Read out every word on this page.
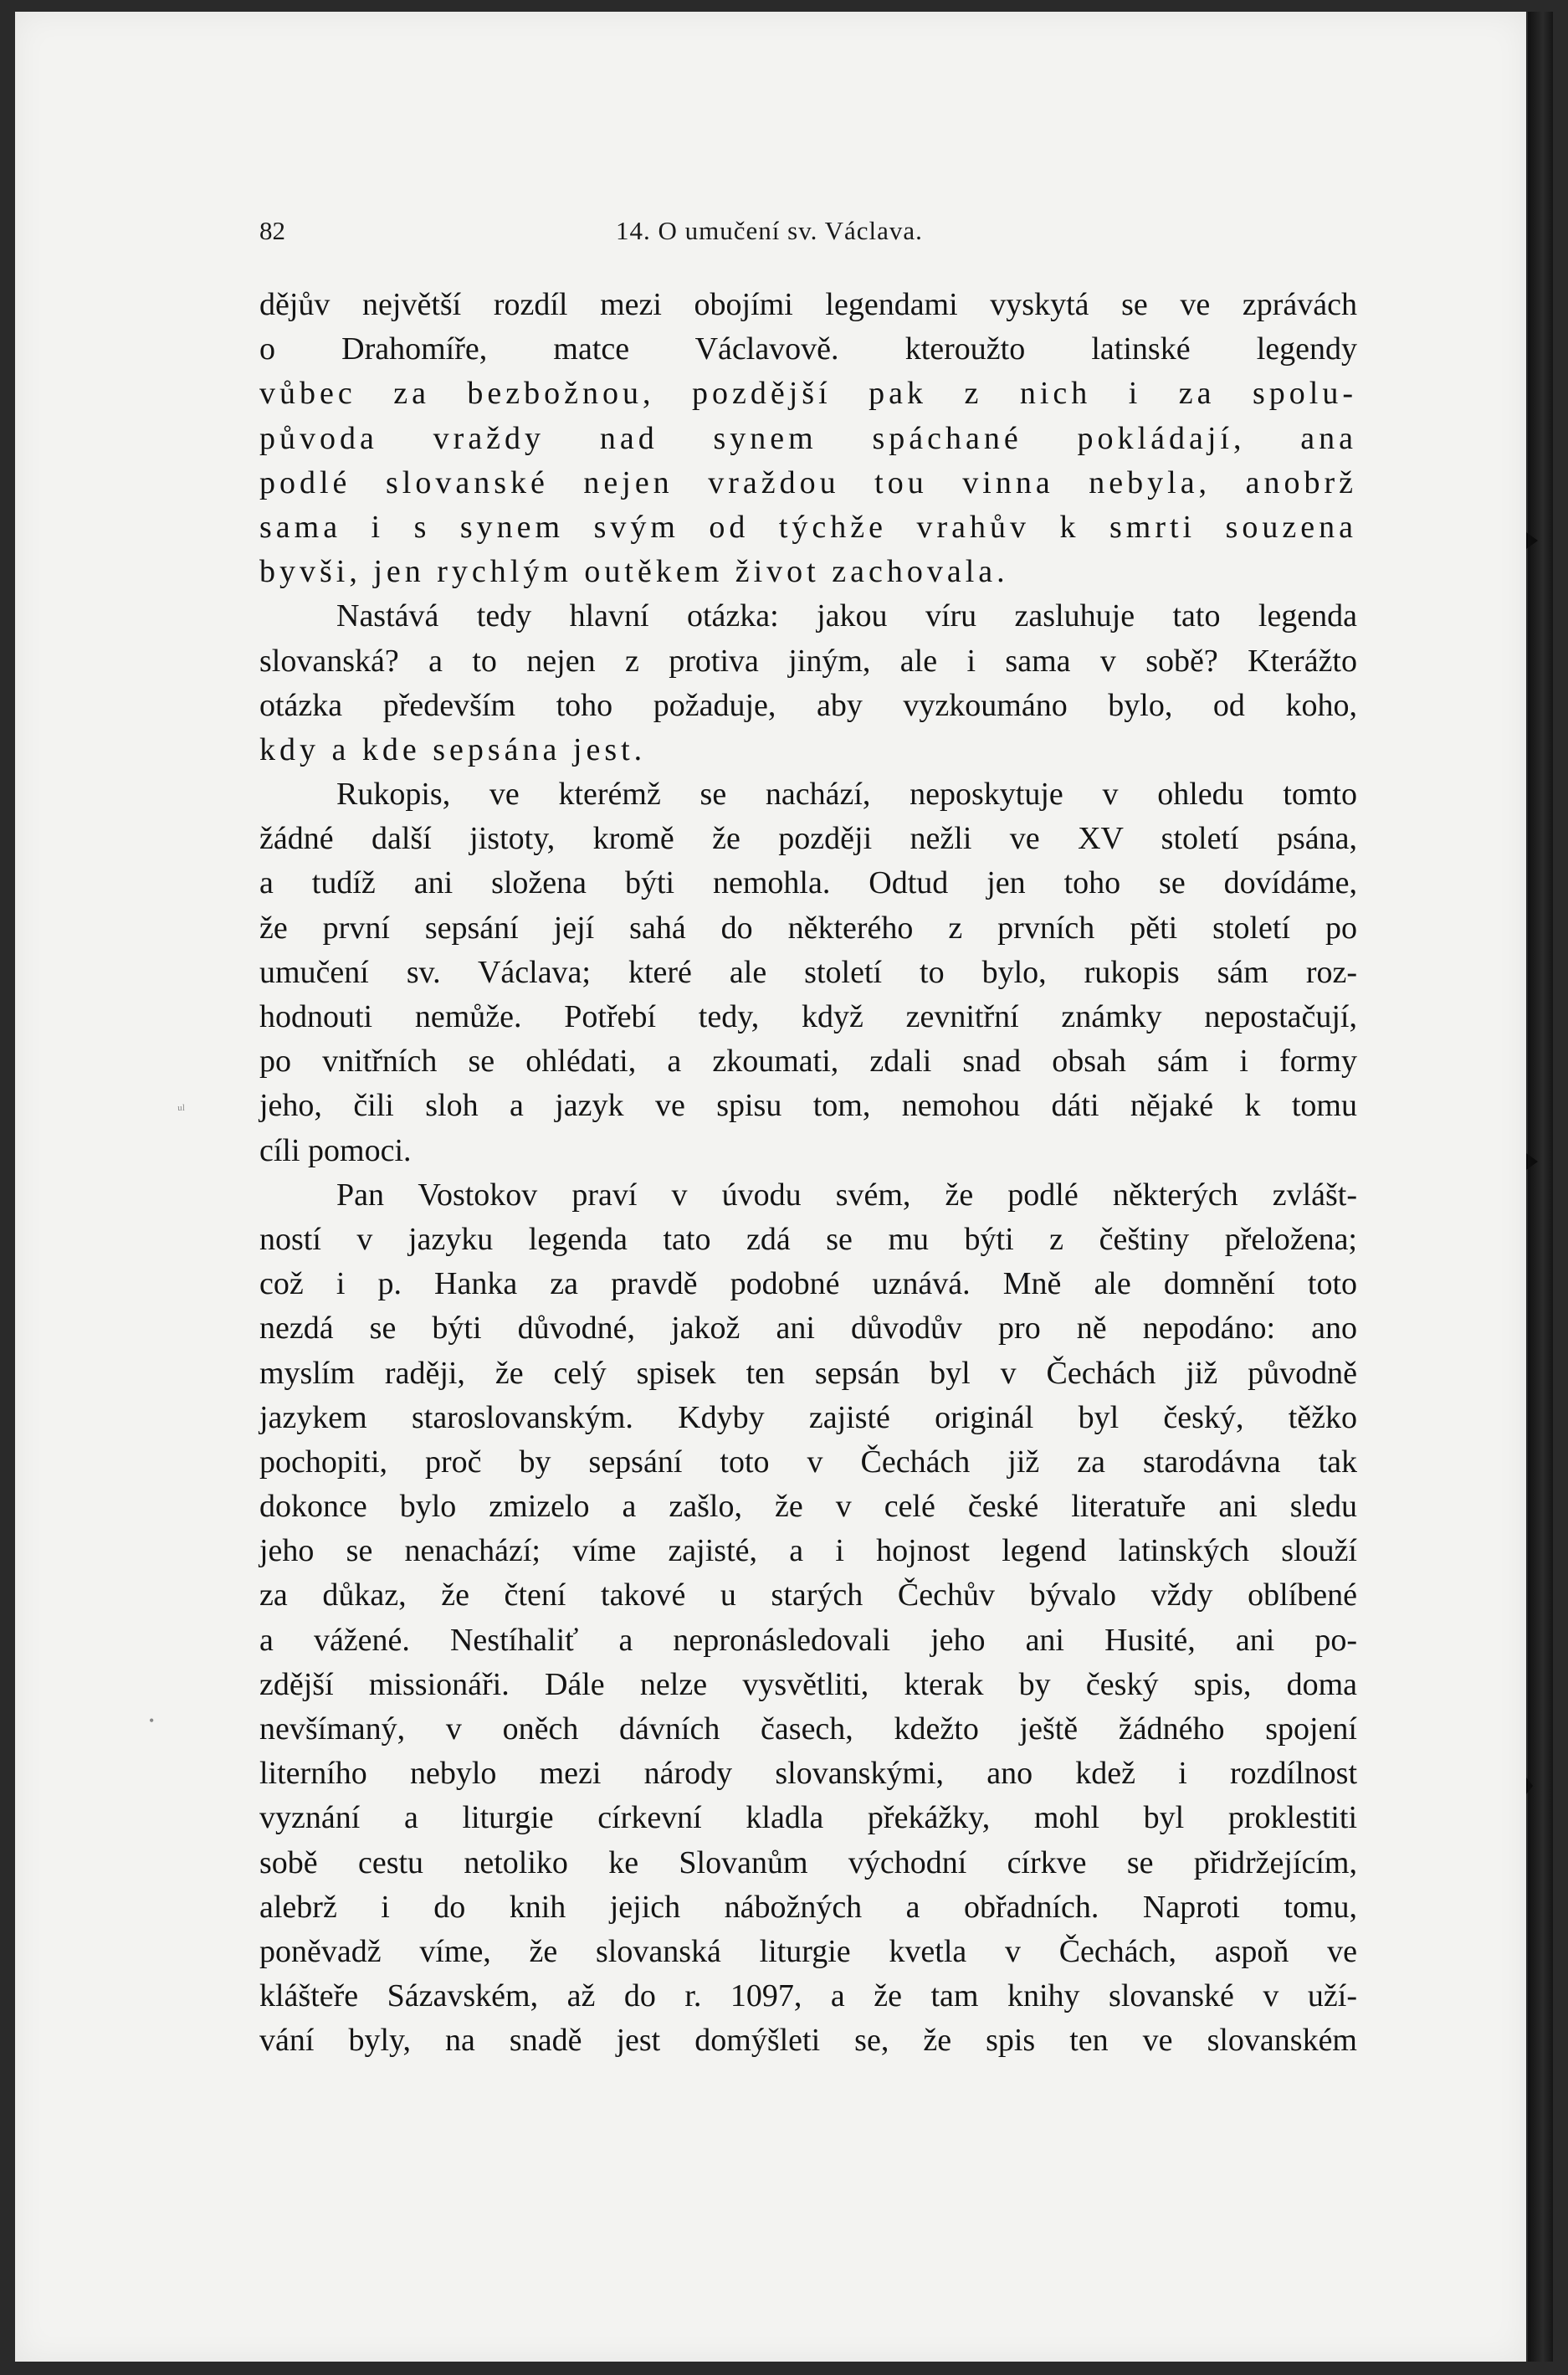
ᵘˡ
•
82	14. O umučení sv. Václava.
dějův největší rozdíl mezi obojími legendami vyskytá se ve zprávách
o Drahomíře, matce Václavově. kteroužto latinské legendy
vůbec za bezbožnou, pozdější pak z nich i za spolu-
původa vraždy nad synem spáchané pokládají, ana
podlé slovanské nejen vraždou tou vinna nebyla, anobrž
sama i s synem svým od týchže vrahův k smrti souzena
byvši, jen rychlým outěkem život zachovala.
Nastává tedy hlavní otázka: jakou víru zasluhuje tato legenda
slovanská? a to nejen z protiva jiným, ale i sama v sobě? Kterážto
otázka především toho požaduje, aby vyzkoumáno bylo, od koho,
kdy a kde sepsána jest.
Rukopis, ve kterémž se nachází, neposkytuje v ohledu tomto
žádné další jistoty, kromě že později nežli ve XV století psána,
a tudíž ani složena býti nemohla. Odtud jen toho se dovídáme,
že první sepsání její sahá do některého z prvních pěti století po
umučení sv. Václava; které ale století to bylo, rukopis sám roz-
hodnouti nemůže. Potřebí tedy, když zevnitřní známky nepostačují,
po vnitřních se ohlédati, a zkoumati, zdali snad obsah sám i formy
jeho, čili sloh a jazyk ve spisu tom, nemohou dáti nějaké k tomu
cíli pomoci.
Pan Vostokov praví v úvodu svém, že podlé některých zvlášt-
ností v jazyku legenda tato zdá se mu býti z češtiny přeložena;
což i p. Hanka za pravdě podobné uznává. Mně ale domnění toto
nezdá se býti důvodné, jakož ani důvodův pro ně nepodáno: ano
myslím raději, že celý spisek ten sepsán byl v Čechách již původně
jazykem staroslovanským. Kdyby zajisté originál byl český, těžko
pochopiti, proč by sepsání toto v Čechách již za starodávna tak
dokonce bylo zmizelo a zašlo, že v celé české literatuře ani sledu
jeho se nenachází; víme zajisté, a i hojnost legend latinských slouží
za důkaz, že čtení takové u starých Čechův bývalo vždy oblíbené
a vážené. Nestíhaliť a nepronásledovali jeho ani Husité, ani po-
zdější missionáři. Dále nelze vysvětliti, kterak by český spis, doma
nevšímaný, v oněch dávních časech, kdežto ještě žádného spojení
literního nebylo mezi národy slovanskými, ano kdež i rozdílnost
vyznání a liturgie církevní kladla překážky, mohl byl proklestiti
sobě cestu netoliko ke Slovanům východní církve se přidržejícím,
alebrž i do knih jejich nábožných a obřadních. Naproti tomu,
poněvadž víme, že slovanská liturgie kvetla v Čechách, aspoň ve
klášteře Sázavském, až do r. 1097, a že tam knihy slovanské v uží-
vání byly, na snadě jest domýšleti se, že spis ten ve slovanském
